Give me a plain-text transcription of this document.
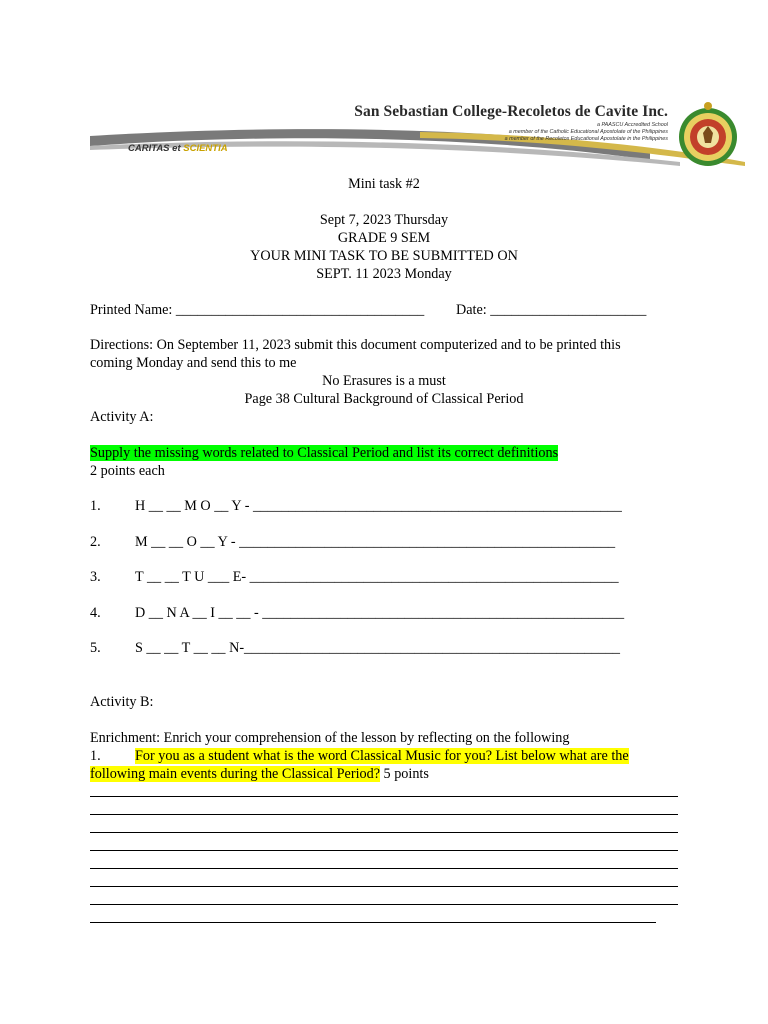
San Sebastian College-Recoletos de Cavite Inc.
a PAASCU Accredited School
a member of the Catholic Educational Apostolate of the Philippines
a member of the Recoletos Educational Apostolate in the Philippines
CARITAS et SCIENTIA
Mini task #2
Sept 7, 2023 Thursday
GRADE 9 SEM
YOUR MINI TASK TO BE SUBMITTED ON
SEPT. 11 2023 Monday
Printed Name: ___________________________________ Date: ______________________
Directions: On September 11, 2023 submit this document computerized and to be printed this
coming Monday and send this to me
No Erasures is a must
Page 38 Cultural Background of Classical Period
Activity A:
Supply the missing words related to Classical Period and list its correct definitions
2 points each
1. H __ __ M O __ Y - ____________________________________________________
2. M __ __ O __ Y - _____________________________________________________
3. T __ __ T U ___ E- ____________________________________________________
4. D __ N A __ I __ __ - ___________________________________________________
5. S __ __ T __ __ N-_____________________________________________________
Activity B:
Enrichment: Enrich your comprehension of the lesson by reflecting on the following
1. For you as a student what is the word Classical Music for you? List below what are the
following main events during the Classical Period? 5 points
